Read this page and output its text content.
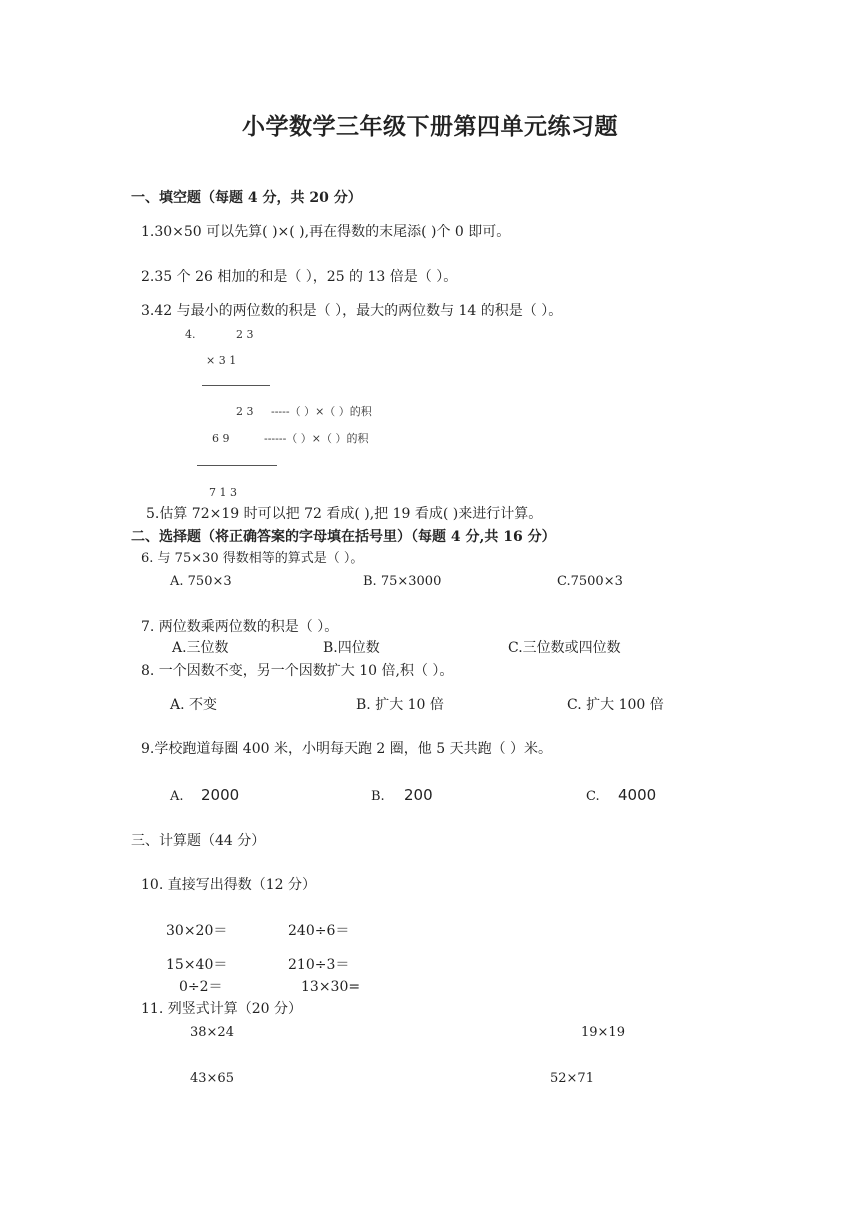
小学数学三年级下册第四单元练习题
一、填空题（每题 4 分，共 20 分）
1.30×50 可以先算( )×( ),再在得数的末尾添( )个 0 即可。
2.35 个 26 相加的和是（ ），25 的 13 倍是（ ）。
3.42 与最小的两位数的积是（ ），最大的两位数与 14 的积是（ ）。
4.	2 3
× 3 1
2 3 -----（ ）×（ ）的积
6 9	------（ ）×（ ）的积
7 1 3
5.估算 72×19 时可以把 72 看成( ),把 19 看成( )来进行计算。
二、选择题（将正确答案的字母填在括号里）（每题 4 分,共 16 分）
6. 与 75×30 得数相等的算式是（ ）。
A. 750×3	B. 75×3000	C.7500×3
7. 两位数乘两位数的积是（ ）。
A.三位数	B.四位数	C.三位数或四位数
8. 一个因数不变，另一个因数扩大 10 倍,积（ ）。
A. 不变	B. 扩大 10 倍	C. 扩大 100 倍
9.学校跑道每圈 400 米，小明每天跑 2 圈，他 5 天共跑（ ）米。
A. 2000	B. 200	C. 4000
三、计算题（44 分）
10. 直接写出得数（12 分）
30×20＝	240÷6＝
15×40＝	210÷3＝
0÷2＝	13×30=
11. 列竖式计算（20 分）
38×24	19×19
43×65	52×71
